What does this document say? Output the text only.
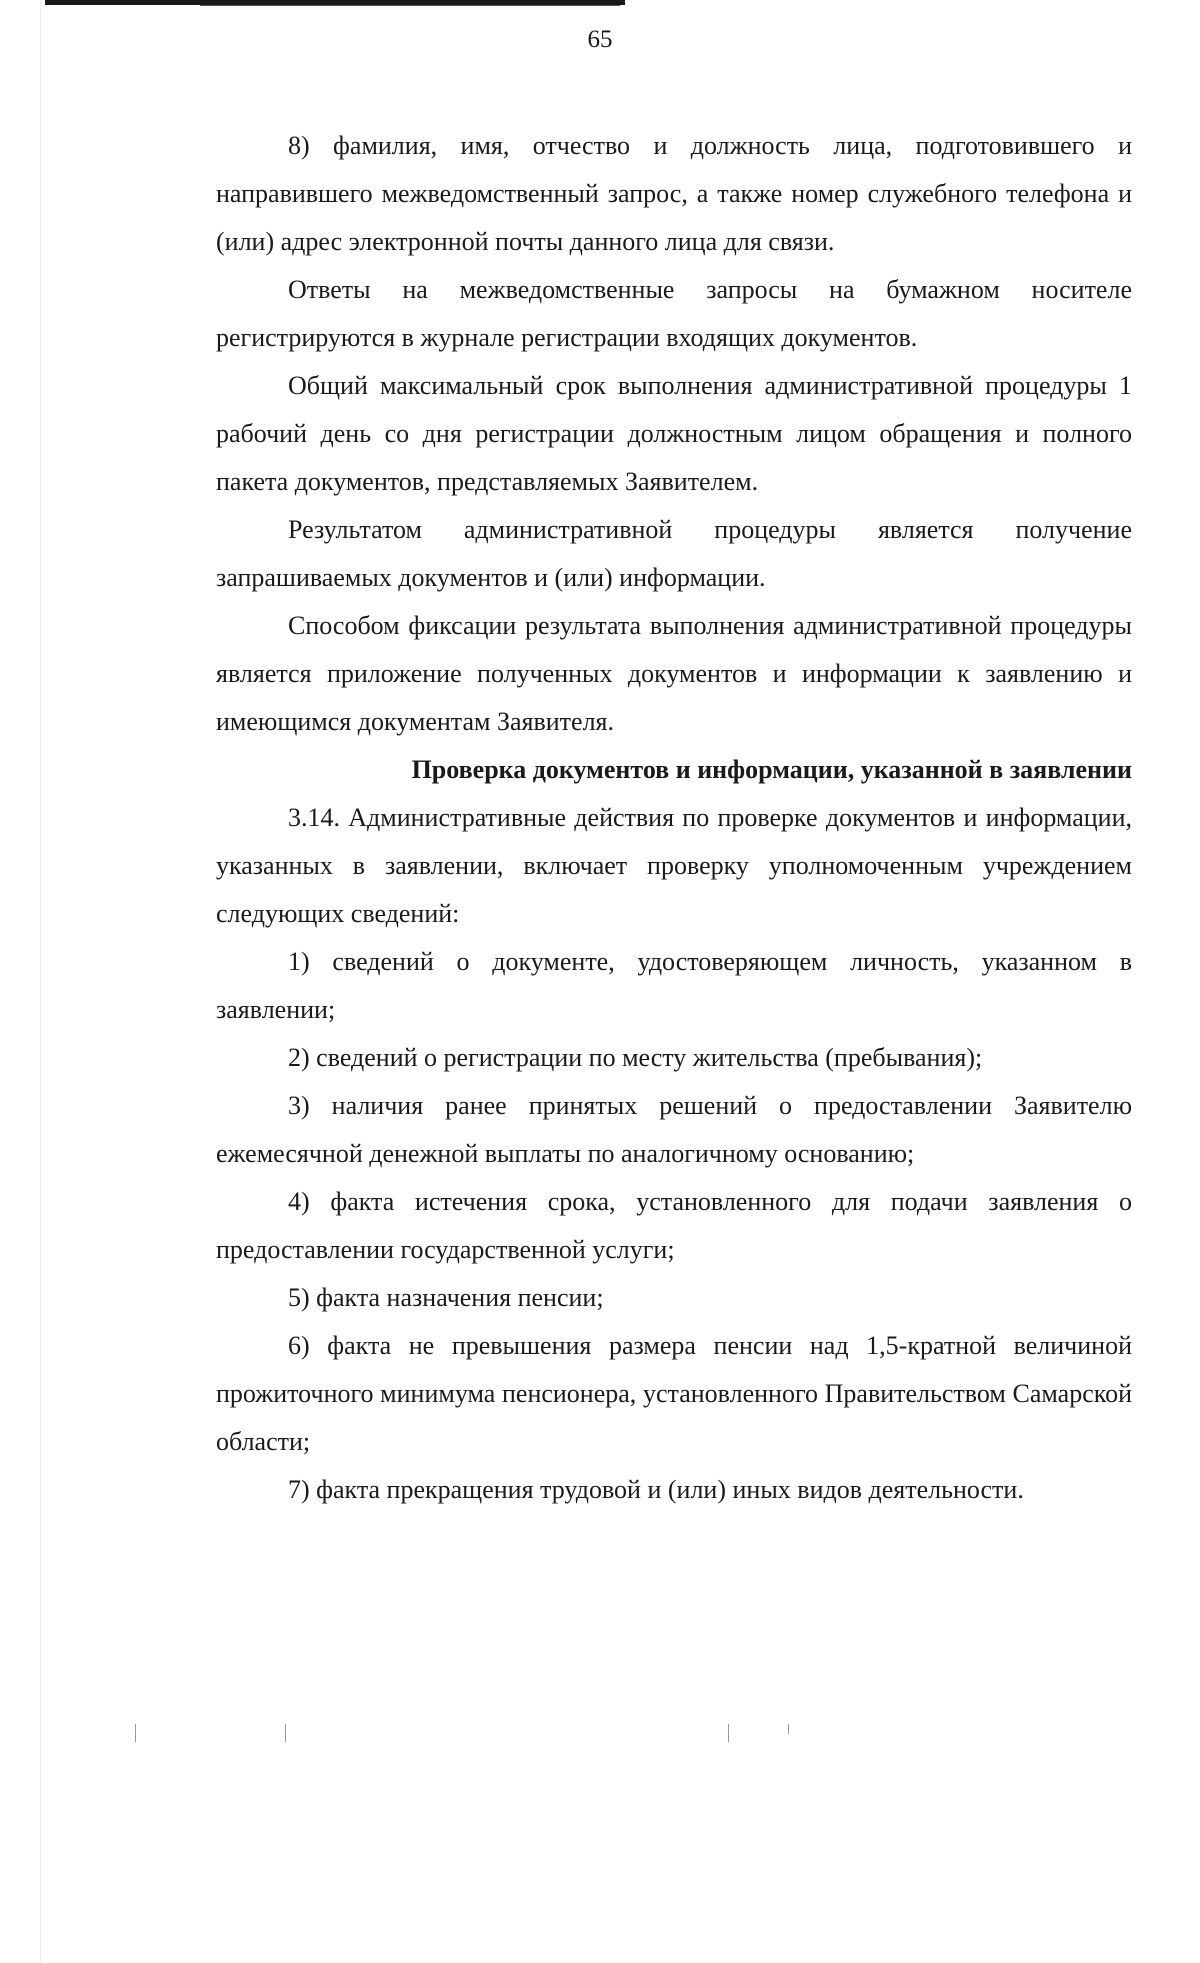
65

8) фамилия, имя, отчество и должность лица, подготовившего и направившего межведомственный запрос, а также номер служебного телефона и (или) адрес электронной почты данного лица для связи.

Ответы на межведомственные запросы на бумажном носителе регистрируются в журнале регистрации входящих документов.

Общий максимальный срок выполнения административной процедуры 1 рабочий день со дня регистрации должностным лицом обращения и полного пакета документов, представляемых Заявителем.

Результатом административной процедуры является получение запрашиваемых документов и (или) информации.

Способом фиксации результата выполнения административной процедуры является приложение полученных документов и информации к заявлению и имеющимся документам Заявителя.

Проверка документов и информации, указанной в заявлении

3.14. Административные действия по проверке документов и информации, указанных в заявлении, включает проверку уполномоченным учреждением следующих сведений:

1) сведений о документе, удостоверяющем личность, указанном в заявлении;

2) сведений о регистрации по месту жительства (пребывания);

3) наличия ранее принятых решений о предоставлении Заявителю ежемесячной денежной выплаты по аналогичному основанию;

4) факта истечения срока, установленного для подачи заявления о предоставлении государственной услуги;

5) факта назначения пенсии;

6) факта не превышения размера пенсии над 1,5-кратной величиной прожиточного минимума пенсионера, установленного Правительством Самарской области;

7) факта прекращения трудовой и (или) иных видов деятельности.
